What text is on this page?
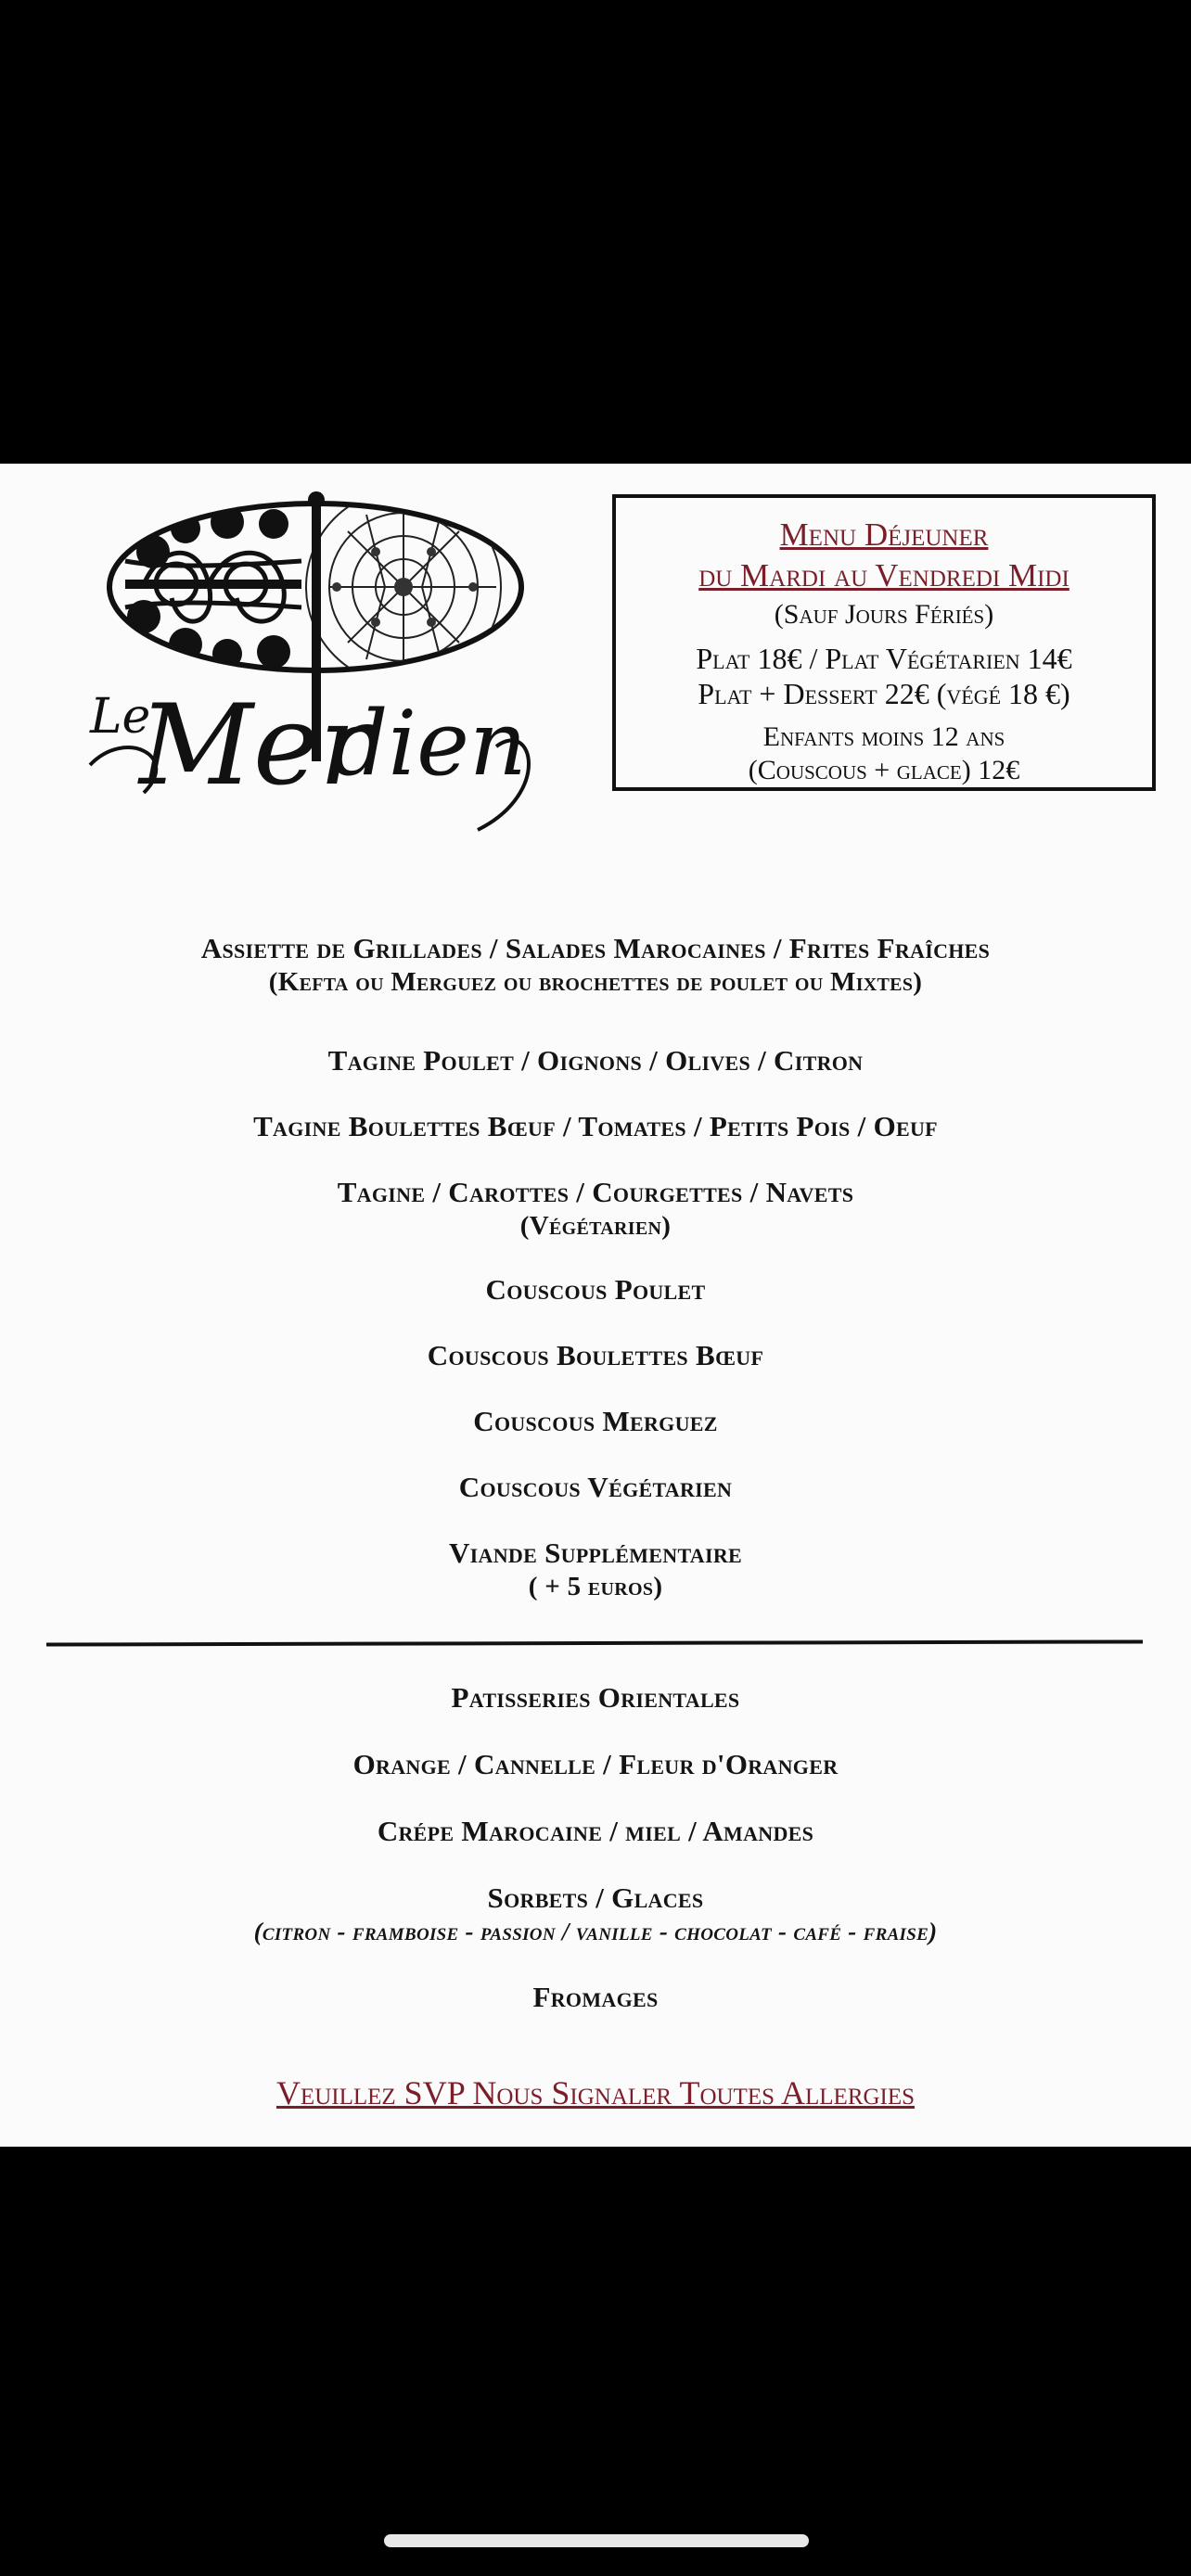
Le
Mer
dien
Menu Déjeuner
du Mardi au Vendredi Midi
(Sauf Jours Fériés)
Plat 18€ / Plat Végétarien 14€
Plat + Dessert 22€ (végé 18 €)
Enfants moins 12 ans
(Couscous + glace) 12€
Assiette de Grillades / Salades Marocaines / Frites Fraîches
(Kefta ou Merguez ou brochettes de poulet ou Mixtes)
Tagine Poulet / Oignons / Olives / Citron
Tagine Boulettes Bœuf / Tomates / Petits Pois / Oeuf
Tagine / Carottes / Courgettes / Navets
(Végétarien)
Couscous Poulet
Couscous Boulettes Bœuf
Couscous Merguez
Couscous Végétarien
Viande Supplémentaire
( + 5 euros)
Patisseries Orientales
Orange / Cannelle / Fleur d'Oranger
Crépe Marocaine / miel / Amandes
Sorbets / Glaces
(citron - framboise - passion / vanille - chocolat - café - fraise)
Fromages
Veuillez SVP Nous Signaler Toutes Allergies
